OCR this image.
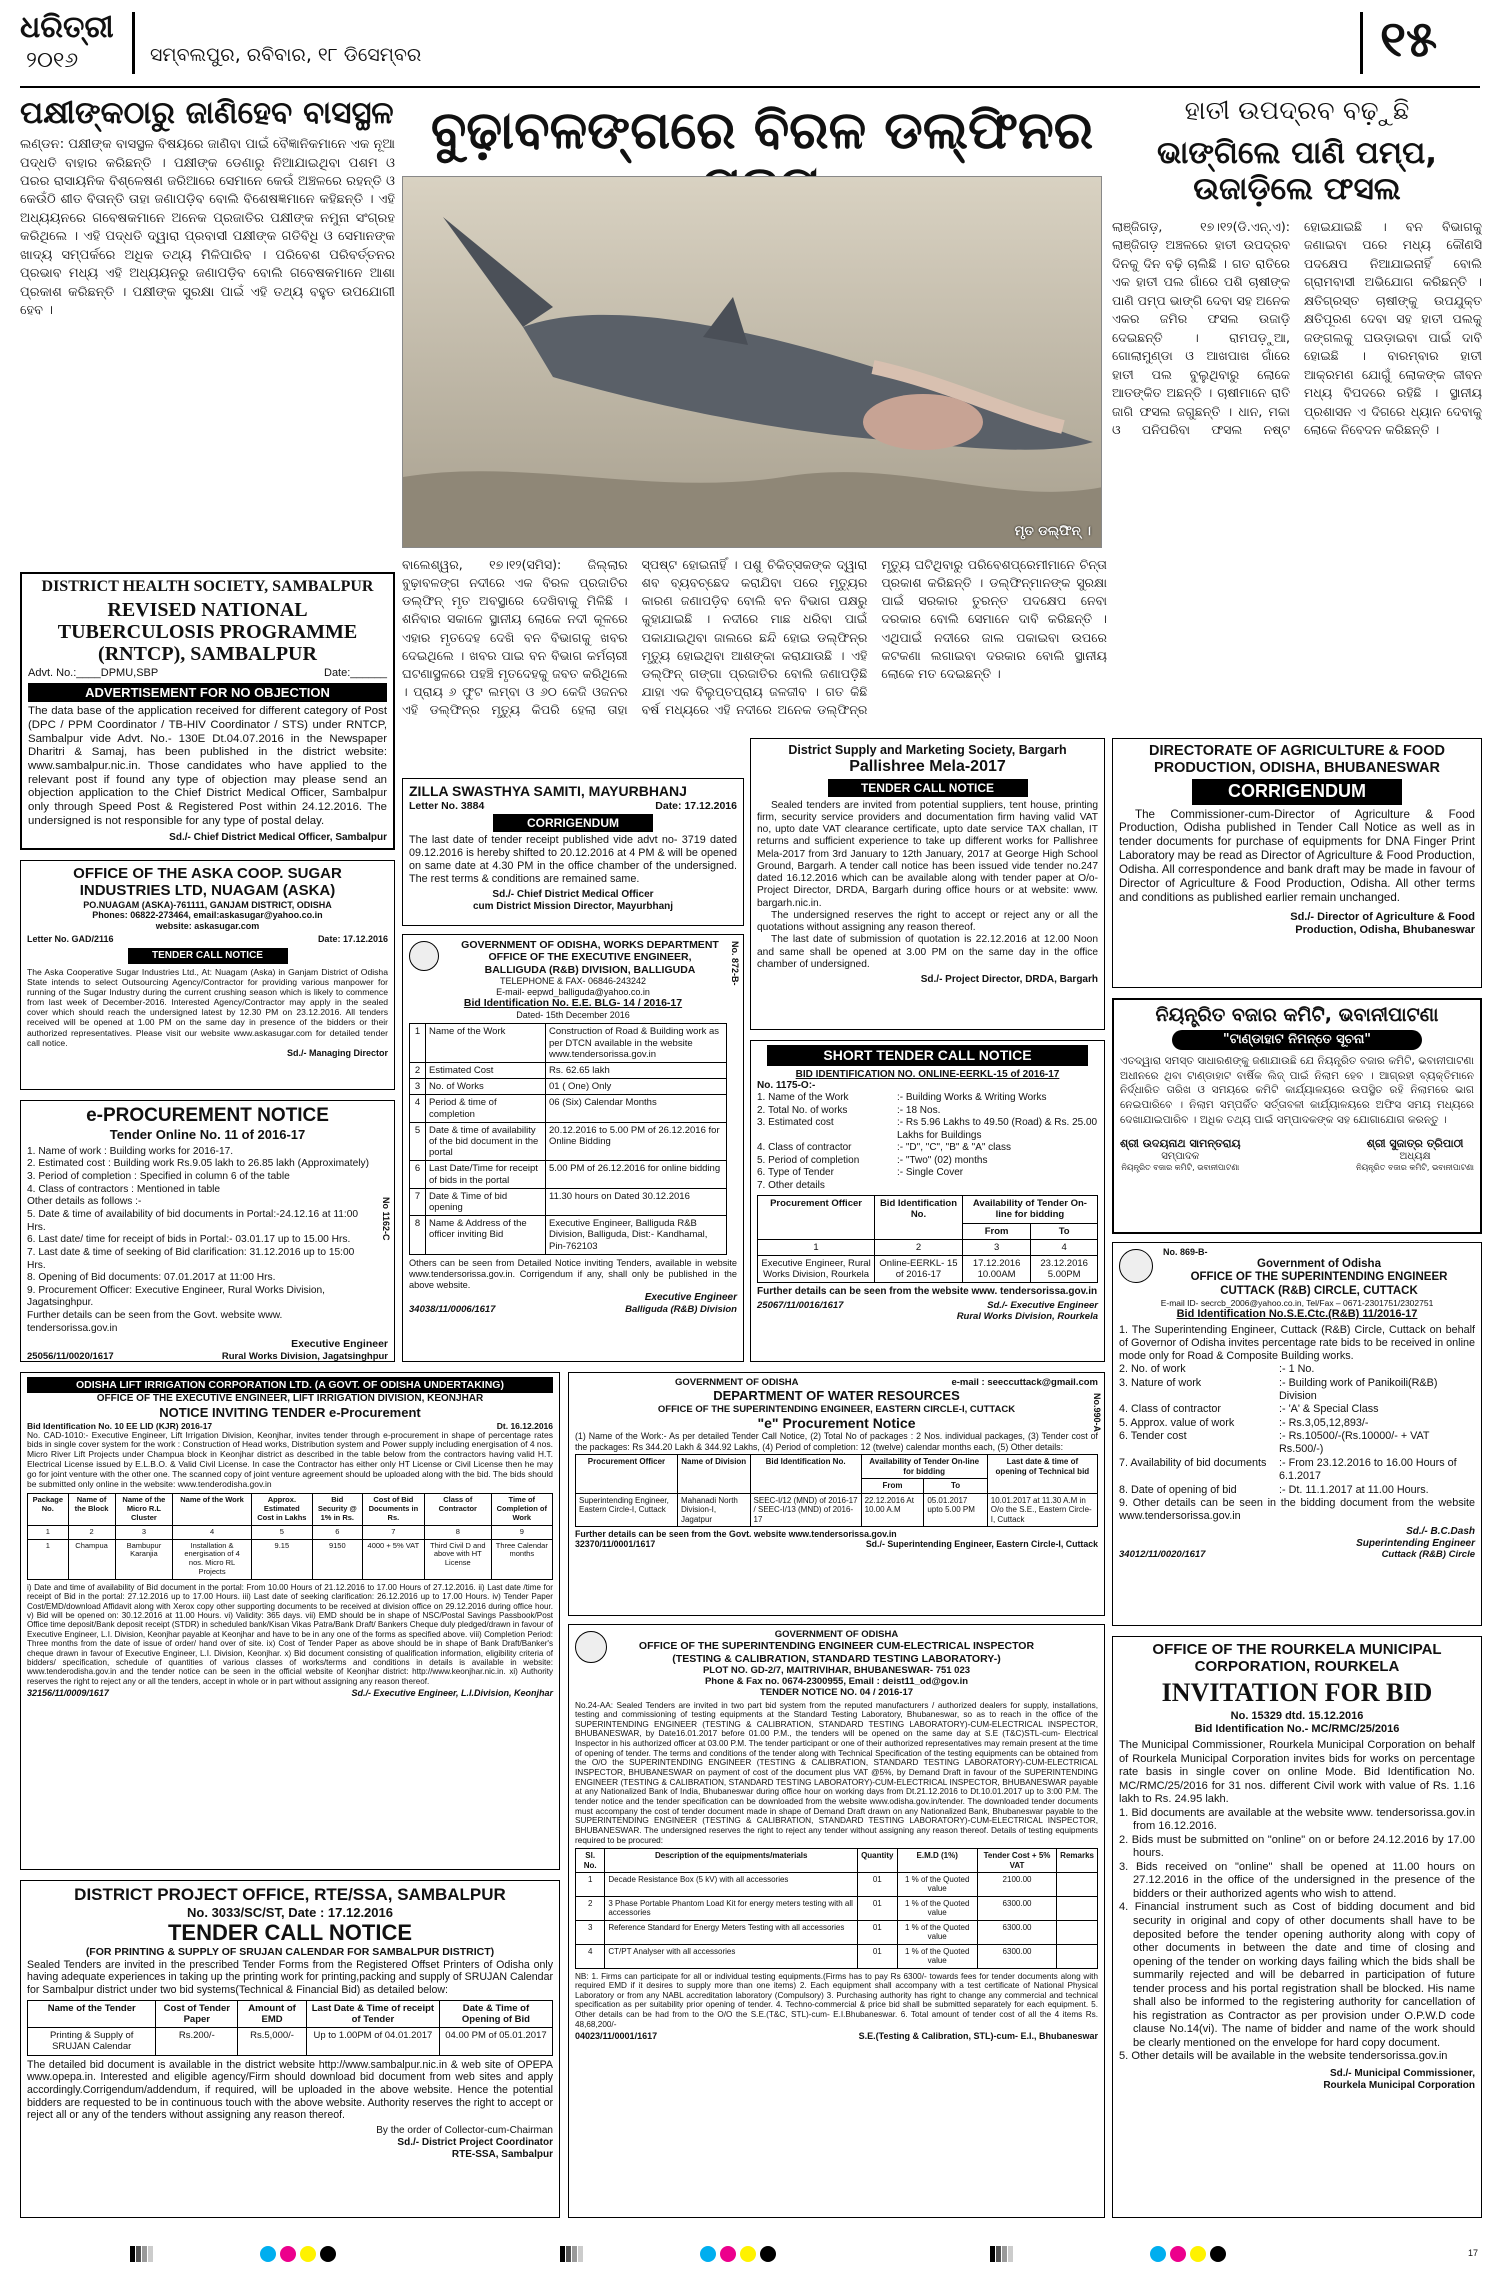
ଧରିତ୍ରୀ
୨୦୧୬	ସମ୍ବଲପୁର, ରବିବାର, ୧୮ ଡିସେମ୍ବର	୧୫
ପକ୍ଷୀଙ୍କଠାରୁ ଜାଣିହେବ ବାସସ୍ଥଳ
ଲଣ୍ଡନ: ପକ୍ଷୀଙ୍କ ବାସସ୍ଥଳ ବିଷୟରେ ଜାଣିବା ପାଇଁ ବୈଜ୍ଞାନିକମାନେ ଏକ ନୂଆ ପଦ୍ଧତି ବାହାର କରିଛନ୍ତି । ପକ୍ଷୀଙ୍କ ଡେଣାରୁ ନିଆଯାଇଥିବା ପଶମ ଓ ପରର ରାସାୟନିକ ବିଶ୍ଳେଷଣ ଜରିଆରେ ସେମାନେ କେଉଁ ଅଞ୍ଚଳରେ ରହନ୍ତି ଓ କେଉଁଠି ଶୀତ ବିତାନ୍ତି ତାହା ଜଣାପଡ଼ିବ ବୋଲି ବିଶେଷଜ୍ଞମାନେ କହିଛନ୍ତି । ଏହି ଅଧ୍ୟୟନରେ ଗବେଷକମାନେ ଅନେକ ପ୍ରଜାତିର ପକ୍ଷୀଙ୍କ ନମୁନା ସଂଗ୍ରହ କରିଥିଲେ । ଏହି ପଦ୍ଧତି ଦ୍ୱାରା ପ୍ରବାସୀ ପକ୍ଷୀଙ୍କ ଗତିବିଧି ଓ ସେମାନଙ୍କ ଖାଦ୍ୟ ସମ୍ପର୍କରେ ଅଧିକ ତଥ୍ୟ ମିଳିପାରିବ । ପରିବେଶ ପରିବର୍ତ୍ତନର ପ୍ରଭାବ ମଧ୍ୟ ଏହି ଅଧ୍ୟୟନରୁ ଜଣାପଡ଼ିବ ବୋଲି ଗବେଷକମାନେ ଆଶା ପ୍ରକାଶ କରିଛନ୍ତି । ପକ୍ଷୀଙ୍କ ସୁରକ୍ଷା ପାଇଁ ଏହି ତଥ୍ୟ ବହୁତ ଉପଯୋଗୀ ହେବ ।
ବୁଢ଼ାବଳଙ୍ଗରେ ବିରଳ ଡଲ୍‌ଫିନର
ମୃତ ଡଲ୍‌ଫିନ୍ ।
ବାଲେଶ୍ୱର, ୧୭।୧୨(ସମିସ): ଜିଲ୍ଲାର ବୁଢ଼ାବଳଙ୍ଗ ନଦୀରେ ଏକ ବିରଳ ପ୍ରଜାତିର ଡଲ୍‌ଫିନ୍ ମୃତ ଅବସ୍ଥାରେ ଦେଖିବାକୁ ମିଳିଛି । ଶନିବାର ସକାଳେ ସ୍ଥାନୀୟ ଲୋକେ ନଦୀ କୂଳରେ ଏହାର ମୃତଦେହ ଦେଖି ବନ ବିଭାଗକୁ ଖବର ଦେଇଥିଲେ । ଖବର ପାଇ ବନ ବିଭାଗ କର୍ମଚାରୀ ଘଟଣାସ୍ଥଳରେ ପହଞ୍ଚି ମୃତଦେହକୁ ଜବତ କରିଥିଲେ । ପ୍ରାୟ ୬ ଫୁଟ ଲମ୍ବା ଓ ୬୦ କେଜି ଓଜନର ଏହି ଡଲ୍‌ଫିନ୍‌ର ମୃତ୍ୟୁ କିପରି ହେଲା ତାହା ସ୍ପଷ୍ଟ ହୋଇନାହିଁ । ପଶୁ ଚିକିତ୍ସକଙ୍କ ଦ୍ୱାରା ଶବ ବ୍ୟବଚ୍ଛେଦ କରାଯିବା ପରେ ମୃତ୍ୟୁର କାରଣ ଜଣାପଡ଼ିବ ବୋଲି ବନ ବିଭାଗ ପକ୍ଷରୁ କୁହାଯାଇଛି । ନଦୀରେ ମାଛ ଧରିବା ପାଇଁ ପକାଯାଇଥିବା ଜାଲରେ ଛନ୍ଦି ହୋଇ ଡଲ୍‌ଫିନ୍‌ର ମୃତ୍ୟୁ ହୋଇଥିବା ଆଶଙ୍କା କରାଯାଉଛି । ଏହି ଡଲ୍‌ଫିନ୍ ଗଙ୍ଗା ପ୍ରଜାତିର ବୋଲି ଜଣାପଡ଼ିଛି ଯାହା ଏକ ବିଲୁପ୍ତପ୍ରାୟ ଜଳଜୀବ । ଗତ କିଛି ବର୍ଷ ମଧ୍ୟରେ ଏହି ନଦୀରେ ଅନେକ ଡଲ୍‌ଫିନ୍‌ର ମୃତ୍ୟୁ ଘଟିଥିବାରୁ ପରିବେଶପ୍ରେମୀମାନେ ଚିନ୍ତା ପ୍ରକାଶ କରିଛନ୍ତି । ଡଲ୍‌ଫିନ୍‌ମାନଙ୍କ ସୁରକ୍ଷା ପାଇଁ ସରକାର ତୁରନ୍ତ ପଦକ୍ଷେପ ନେବା ଦରକାର ବୋଲି ସେମାନେ ଦାବି କରିଛନ୍ତି । ଏଥିପାଇଁ ନଦୀରେ ଜାଲ ପକାଇବା ଉପରେ କଟକଣା ଲଗାଇବା ଦରକାର ବୋଲି ସ୍ଥାନୀୟ ଲୋକେ ମତ ଦେଇଛନ୍ତି ।
ହାତୀ ଉପଦ୍ରବ ବଢ଼ୁଛି
ଭାଙ୍ଗିଲେ ପାଣି ପମ୍ପ, ଉଜାଡ଼ିଲେ ଫସଲ
ଲାଞ୍ଜିଗଡ଼, ୧୭।୧୨(ଡି.ଏନ୍.ଏ): ଲାଞ୍ଜିଗଡ଼ ଅଞ୍ଚଳରେ ହାତୀ ଉପଦ୍ରବ ଦିନକୁ ଦିନ ବଢ଼ି ଚାଲିଛି । ଗତ ରାତିରେ ଏକ ହାତୀ ପଲ ଗାଁରେ ପଶି ଚାଷୀଙ୍କ ପାଣି ପମ୍ପ ଭାଙ୍ଗି ଦେବା ସହ ଅନେକ ଏକର ଜମିର ଫସଲ ଉଜାଡ଼ି ଦେଇଛନ୍ତି । ରାମପଡ଼ୁଆ, ଗୋଲାମୁଣ୍ଡା ଓ ଆଖପାଖ ଗାଁରେ ହାତୀ ପଲ ବୁଲୁଥିବାରୁ ଲୋକେ ଆତଙ୍କିତ ଅଛନ୍ତି । ଚାଷୀମାନେ ରାତି ଜାଗି ଫସଲ ଜଗୁଛନ୍ତି । ଧାନ, ମକା ଓ ପନିପରିବା ଫସଲ ନଷ୍ଟ ହୋଇଯାଇଛି । ବନ ବିଭାଗକୁ ଜଣାଇବା ପରେ ମଧ୍ୟ କୌଣସି ପଦକ୍ଷେପ ନିଆଯାଇନାହିଁ ବୋଲି ଗ୍ରାମବାସୀ ଅଭିଯୋଗ କରିଛନ୍ତି । କ୍ଷତିଗ୍ରସ୍ତ ଚାଷୀଙ୍କୁ ଉପଯୁକ୍ତ କ୍ଷତିପୂରଣ ଦେବା ସହ ହାତୀ ପଲକୁ ଜଙ୍ଗଲକୁ ଘଉଡ଼ାଇବା ପାଇଁ ଦାବି ହୋଇଛି । ବାରମ୍ବାର ହାତୀ ଆକ୍ରମଣ ଯୋଗୁଁ ଲୋକଙ୍କ ଜୀବନ ମଧ୍ୟ ବିପଦରେ ରହିଛି । ସ୍ଥାନୀୟ ପ୍ରଶାସନ ଏ ଦିଗରେ ଧ୍ୟାନ ଦେବାକୁ ଲୋକେ ନିବେଦନ କରିଛନ୍ତି ।
DISTRICT HEALTH SOCIETY, SAMBALPUR
REVISED NATIONAL TUBERCULOSIS PROGRAMME (RNTCP), SAMBALPUR
Advt. No.:____DPMU,SBP	Date:______
ADVERTISEMENT FOR NO OBJECTION
The data base of the application received for different category of Post (DPC / PPM Coordinator / TB-HIV Coordinator / STS) under RNTCP, Sambalpur vide Advt. No.- 130E Dt.04.07.2016 in the Newspaper Dharitri & Samaj, has been published in the district website: www.sambalpur.nic.in. Those candidates who have applied to the relevant post if found any type of objection may please send an objection application to the Chief District Medical Officer, Sambalpur only through Speed Post & Registered Post within 24.12.2016. The undersigned is not responsible for any type of postal delay.
Sd./- Chief District Medical Officer, Sambalpur
OFFICE OF THE ASKA COOP. SUGAR INDUSTRIES LTD, NUAGAM (ASKA)
PO.NUAGAM (ASKA)-761111, GANJAM DISTRICT, ODISHA
Phones: 06822-273464, email:askasugar@yahoo.co.in
website: askasugar.com
Letter No. GAD/2116	Date: 17.12.2016
TENDER CALL NOTICE
The Aska Cooperative Sugar Industries Ltd., At: Nuagam (Aska) in Ganjam District of Odisha State intends to select Outsourcing Agency/Contractor for providing various manpower for running of the Sugar Industry during the current crushing season which is likely to commence from last week of December-2016. Interested Agency/Contractor may apply in the sealed cover which should reach the undersigned latest by 12.30 PM on 23.12.2016. All tenders received will be opened at 1.00 PM on the same day in presence of the bidders or their authorized representatives. Please visit our website www.askasugar.com for detailed tender call notice.
Sd./- Managing Director
e-PROCUREMENT NOTICE
Tender Online No. 11 of 2016-17
1. Name of work : Building works for 2016-17.
2. Estimated cost : Building work Rs.9.05 lakh to 26.85 lakh (Approximately)
3. Period of completion : Specified in column 6 of the table
4. Class of contractors : Mentioned in table
Other details as follows :-
5. Date & time of availability of bid documents in Portal:-24.12.16 at 11:00 Hrs.
6. Last date/ time for receipt of bids in Portal:- 03.01.17 up to 15.00 Hrs.
7. Last date & time of seeking of Bid clarification: 31.12.2016 up to 15:00 Hrs.
8. Opening of Bid documents: 07.01.2017 at 11:00 Hrs.
9. Procurement Officer: Executive Engineer, Rural Works Division, Jagatsinghpur.
Further details can be seen from the Govt. website www. tendersorissa.gov.in
Executive Engineer
25056/11/0020/1617	Rural Works Division, Jagatsinghpur
No 1162-C
ZILLA SWASTHYA SAMITI, MAYURBHANJ
Letter No. 3884	Date: 17.12.2016
CORRIGENDUM
The last date of tender receipt published vide advt no- 3719 dated 09.12.2016 is hereby shifted to 20.12.2016 at 4 PM & will be opened on same date at 4.30 PM in the office chamber of the undersigned. The rest terms & conditions are remained same.
Sd./- Chief District Medical Officer
cum District Mission Director, Mayurbhanj
GOVERNMENT OF ODISHA, WORKS DEPARTMENT
OFFICE OF THE EXECUTIVE ENGINEER,
BALLIGUDA (R&B) DIVISION, BALLIGUDA
TELEPHONE & FAX- 06846-243242
E-mail- eepwd_balliguda@yahoo.co.in
Bid Identification No. E.E. BLG- 14 / 2016-17
Dated- 15th December 2016
1	Name of the Work	Construction of Road & Building work as per DTCN available in the website www.tendersorissa.gov.in
2	Estimated Cost	Rs. 62.65 lakh
3	No. of Works	01 ( One) Only
4	Period & time of completion	06 (Six) Calendar Months
5	Date & time of availability of the bid document in the portal	20.12.2016 to 5.00 PM of 26.12.2016 for Online Bidding
6	Last Date/Time for receipt of bids in the portal	5.00 PM of 26.12.2016 for online bidding
7	Date & Time of bid opening	11.30 hours on Dated 30.12.2016
8	Name & Address of the officer inviting Bid	Executive Engineer, Balliguda R&B Division, Balliguda, Dist:- Kandhamal, Pin-762103
Others can be seen from Detailed Notice inviting Tenders, available in website www.tendersorissa.gov.in. Corrigendum if any, shall only be published in the above website.
Executive Engineer
34038/11/0006/1617	Balliguda (R&B) Division
No. 872-B-
District Supply and Marketing Society, Bargarh
Pallishree Mela-2017
TENDER CALL NOTICE
Sealed tenders are invited from potential suppliers, tent house, printing firm, security service providers and documentation firm having valid VAT no, upto date VAT clearance certificate, upto date service TAX challan, IT returns and sufficient experience to take up different works for Pallishree Mela-2017 from 3rd January to 12th January, 2017 at George High School Ground, Bargarh. A tender call notice has been issued vide tender no.247 dated 16.12.2016 which can be available along with tender paper at O/o-Project Director, DRDA, Bargarh during office hours or at website: www. bargarh.nic.in.
The undersigned reserves the right to accept or reject any or all the quotations without assigning any reason thereof.
The last date of submission of quotation is 22.12.2016 at 12.00 Noon and same shall be opened at 3.00 PM on the same day in the office chamber of undersigned.
Sd./- Project Director, DRDA, Bargarh
SHORT TENDER CALL NOTICE
BID IDENTIFICATION NO. ONLINE-EERKL-15 of 2016-17
No. 1175-O:-
1. Name of the Work	:- Building Works & Writing Works
2. Total No. of works	:- 18 Nos.
3. Estimated cost	:- Rs 5.96 Lakhs to 49.50 (Road) & Rs. 25.00 Lakhs for Buildings
4. Class of contractor	:- "D", "C", "B" & "A" class
5. Period of completion	:- "Two" (02) months
6. Type of Tender	:- Single Cover
7. Other details
Procurement Officer	Bid Identification No.	Availability of Tender On-line for bidding	
		From	To
1	2	3	4
Executive Engineer, Rural Works Division, Rourkela	Online-EERKL- 15 of 2016-17	17.12.2016 10.00AM	23.12.2016 5.00PM
Further details can be seen from the website www. tendersorissa.gov.in
25067/11/0016/1617	Sd./- Executive Engineer
Rural Works Division, Rourkela
DIRECTORATE OF AGRICULTURE & FOOD PRODUCTION, ODISHA, BHUBANESWAR
CORRIGENDUM
The Commissioner-cum-Director of Agriculture & Food Production, Odisha published in Tender Call Notice as well as in tender documents for purchase of equipments for DNA Finger Print Laboratory may be read as Director of Agriculture & Food Production, Odisha. All correspondence and bank draft may be made in favour of Director of Agriculture & Food Production, Odisha. All other terms and conditions as published earlier remain unchanged.
Sd./- Director of Agriculture & Food
Production, Odisha, Bhubaneswar
ନିୟନ୍ତ୍ରିତ ବଜାର କମିଟି, ଭବାନୀପାଟଣା
"ଟାଣ୍ଡାହାଟ ନିମନ୍ତେ ସୂଚନା"
ଏତଦ୍ୱାରା ସମସ୍ତ ସାଧାରଣଙ୍କୁ ଜଣାଯାଉଛି ଯେ ନିୟନ୍ତ୍ରିତ ବଜାର କମିଟି, ଭବାନୀପାଟଣା ଅଧୀନରେ ଥିବା ଟାଣ୍ଡାହାଟ ବାର୍ଷିକ ଲିଜ୍ ପାଇଁ ନିଲାମ ହେବ । ଆଗ୍ରହୀ ବ୍ୟକ୍ତିମାନେ ନିର୍ଦ୍ଧାରିତ ତାରିଖ ଓ ସମୟରେ କମିଟି କାର୍ଯ୍ୟାଳୟରେ ଉପସ୍ଥିତ ରହି ନିଲାମରେ ଭାଗ ନେଇପାରିବେ । ନିଲାମ ସମ୍ପର୍କିତ ସର୍ତ୍ତାବଳୀ କାର୍ଯ୍ୟାଳୟରେ ଅଫିସ ସମୟ ମଧ୍ୟରେ ଦେଖାଯାଇପାରିବ । ଅଧିକ ତଥ୍ୟ ପାଇଁ ସମ୍ପାଦକଙ୍କ ସହ ଯୋଗାଯୋଗ କରନ୍ତୁ ।
ଶ୍ରୀ ଉଦୟନାଥ ସାମନ୍ତରାୟ
ସମ୍ପାଦକ
ନିୟନ୍ତ୍ରିତ ବଜାର କମିଟି, ଭବାନୀପାଟଣା
ଶ୍ରୀ ସୁଜାତ୍ର ତ୍ରିପାଠୀ
ଅଧ୍ୟକ୍ଷ
ନିୟନ୍ତ୍ରିତ ବଜାର କମିଟି, ଭବାନୀପାଟଣା
No. 869-B-
Government of Odisha
OFFICE OF THE SUPERINTENDING ENGINEER CUTTACK (R&B) CIRCLE, CUTTACK
E-mail ID- secrcb_2006@yahoo.co.in, Tel/Fax – 0671-2301751/2302751
Bid Identification No.S.E.Ctc.(R&B) 11/2016-17
1. The Superintending Engineer, Cuttack (R&B) Circle, Cuttack on behalf of Governor of Odisha invites percentage rate bids to be received in online mode only for Road & Composite Building works.
2. No. of work	:- 1 No.
3. Nature of work	:- Building work of Panikoili(R&B) Division
4. Class of contractor	:- 'A' & Special Class
5. Approx. value of work	:- Rs.3,05,12,893/-
6. Tender cost	:- Rs.10500/-(Rs.10000/- + VAT Rs.500/-)
7. Availability of bid documents	:- From 23.12.2016 to 16.00 Hours of 6.1.2017
8. Date of opening of bid	:- Dt. 11.1.2017 at 11.00 Hours.
9. Other details can be seen in the bidding document from the website www.tendersorissa.gov.in
Sd./- B.C.Dash
Superintending Engineer
34012/11/0020/1617	Cuttack (R&B) Circle
OFFICE OF THE ROURKELA MUNICIPAL CORPORATION, ROURKELA
INVITATION FOR BID
No. 15329 dtd. 15.12.2016
Bid Identification No.- MC/RMC/25/2016
The Municipal Commissioner, Rourkela Municipal Corporation on behalf of Rourkela Municipal Corporation invites bids for works on percentage rate basis in single cover on online Mode. Bid Identification No. MC/RMC/25/2016 for 31 nos. different Civil work with value of Rs. 1.16 lakh to Rs. 24.95 lakh.
1. Bid documents are available at the website www. tendersorissa.gov.in from 16.12.2016.
2. Bids must be submitted on "online" on or before 24.12.2016 by 17.00 hours.
3. Bids received on "online" shall be opened at 11.00 hours on 27.12.2016 in the office of the undersigned in the presence of the bidders or their authorized agents who wish to attend.
4. Financial instrument such as Cost of bidding document and bid security in original and copy of other documents shall have to be deposited before the tender opening authority along with copy of other documents in between the date and time of closing and opening of the tender on working days failing which the bids shall be summarily rejected and will be debarred in participation of future tender process and his portal registration shall be blocked. His name shall also be informed to the registering authority for cancellation of his registration as Contractor as per provision under O.P.W.D code clause No.14(vi). The name of bidder and name of the work should be clearly mentioned on the envelope for hard copy document.
5. Other details will be available in the website tendersorissa.gov.in
Sd./- Municipal Commissioner,
Rourkela Municipal Corporation
ODISHA LIFT IRRIGATION CORPORATION LTD. (A GOVT. OF ODISHA UNDERTAKING)
OFFICE OF THE EXECUTIVE ENGINEER, LIFT IRRIGATION DIVISION, KEONJHAR
NOTICE INVITING TENDER e-Procurement
Bid Identification No. 10 EE LID (KJR) 2016-17	Dt. 16.12.2016
No. CAD-1010:- Executive Engineer, Lift Irrigation Division, Keonjhar, invites tender through e-procurement in shape of percentage rates bids in single cover system for the work : Construction of Head works, Distribution system and Power supply including energisation of 4 nos. Micro River Lift Projects under Champua block in Keonjhar district as described in the table below from the contractors having valid H.T. Electrical License issued by E.L.B.O. & Valid Civil License. In case the Contractor has either only HT License or Civil License then he may go for joint venture with the other one. The scanned copy of joint venture agreement should be uploaded along with the bid. The bids should be submitted only online in the website: www.tenderodisha.gov.in
Package No.	Name of the Block	Name of the Micro R.L Cluster	Name of the Work	Approx. Estimated Cost in Lakhs	Bid Security @ 1% in Rs.	Cost of Bid Documents in Rs.	Class of Contractor	Time of Completion of Work
1	2	3	4	5	6	7	8	9
1	Champua	Bambupur Karanjia	Installation & energisation of 4 nos. Micro RL Projects	9.15	9150	4000 + 5% VAT	Third Civil D and above with HT License	Three Calendar months
i) Date and time of availability of Bid document in the portal: From 10.00 Hours of 21.12.2016 to 17.00 Hours of 27.12.2016. ii) Last date /time for receipt of Bid in the portal: 27.12.2016 up to 17.00 Hours. iii) Last date of seeking clarification: 26.12.2016 up to 17.00 Hours. iv) Tender Paper Cost/EMD/download Affidavit along with Xerox copy other supporting documents to be received at division office on 29.12.2016 during office hour. v) Bid will be opened on: 30.12.2016 at 11.00 Hours. vi) Validity: 365 days. vii) EMD should be in shape of NSC/Postal Savings Passbook/Post Office time deposit/Bank deposit receipt (STDR) in scheduled bank/Kisan Vikas Patra/Bank Draft/ Bankers Cheque duly pledged/drawn in favour of Executive Engineer, L.I. Division, Keonjhar payable at Keonjhar and have to be in any one of the forms as specified above. viii) Completion Period: Three months from the date of issue of order/ hand over of site. ix) Cost of Tender Paper as above should be in shape of Bank Draft/Banker's cheque drawn in favour of Executive Engineer, L.I. Division, Keonjhar. x) Bid document consisting of qualification information, eligibility criteria of bidders/ specification, schedule of quantities of various classes of works/terms and conditions in details is available in website: www.tenderodisha.gov.in and the tender notice can be seen in the official website of Keonjhar district: http://www.keonjhar.nic.in. xi) Authority reserves the right to reject any or all the tenders, accept in whole or in part without assigning any reason thereof.
32156/11/0009/1617	Sd./- Executive Engineer, L.I.Division, Keonjhar
DISTRICT PROJECT OFFICE, RTE/SSA, SAMBALPUR
No. 3033/SC/ST, Date : 17.12.2016
TENDER CALL NOTICE
(FOR PRINTING & SUPPLY OF SRUJAN CALENDAR FOR SAMBALPUR DISTRICT)
Sealed Tenders are invited in the prescribed Tender Forms from the Registered Offset Printers of Odisha only having adequate experiences in taking up the printing work for printing,packing and supply of SRUJAN Calendar for Sambalpur district under two bid systems(Technical & Financial Bid) as detailed below:
Name of the Tender	Cost of Tender Paper	Amount of EMD	Last Date & Time of receipt of Tender	Date & Time of Opening of Bid
Printing & Supply of SRUJAN Calendar	Rs.200/-	Rs.5,000/-	Up to 1.00PM of 04.01.2017	04.00 PM of 05.01.2017
The detailed bid document is available in the district website http://www.sambalpur.nic.in & web site of OPEPA www.opepa.in. Interested and eligible agency/Firm should download bid document from web sites and apply accordingly.Corrigendum/addendum, if required, will be uploaded in the above website. Hence the potential bidders are requested to be in continuous touch with the above website. Authority reserves the right to accept or reject all or any of the tenders without assigning any reason thereof.
By the order of Collector-cum-Chairman
Sd./- District Project Coordinator
RTE-SSA, Sambalpur
GOVERNMENT OF ODISHA	e-mail : seeccuttack@gmail.com
DEPARTMENT OF WATER RESOURCES
OFFICE OF THE SUPERINTENDING ENGINEER, EASTERN CIRCLE-I, CUTTACK
"e" Procurement Notice
(1) Name of the Work:- As per detailed Tender Call Notice, (2) Total No of packages : 2 Nos. individual packages, (3) Tender cost of the packages: Rs 344.20 Lakh & 344.92 Lakhs, (4) Period of completion: 12 (twelve) calendar months each, (5) Other details:
Procurement Officer	Name of Division	Bid Identification No.	Availability of Tender On-line for bidding		Last date & time of opening of Technical bid
			From	To	
Superintending Engineer, Eastern Circle-I, Cuttack	Mahanadi North Division-I, Jagatpur	SEEC-I/12 (MND) of 2016-17 / SEEC-I/13 (MND) of 2016-17	22.12.2016 At 10.00 A.M	05.01.2017 upto 5.00 PM	10.01.2017 at 11.30 A.M in O/o the S.E., Eastern Circle-I, Cuttack
Further details can be seen from the Govt. website www.tendersorissa.gov.in
32370/11/0001/1617	Sd./- Superintending Engineer, Eastern Circle-I, Cuttack
No.990-A
GOVERNMENT OF ODISHA
OFFICE OF THE SUPERINTENDING ENGINEER CUM-ELECTRICAL INSPECTOR
(TESTING & CALIBRATION, STANDARD TESTING LABORATORY-)
PLOT NO. GD-2/7, MAITRIVIHAR, BHUBANESWAR- 751 023
Phone & Fax no. 0674-2300955, Email : deist11_od@gov.in
TENDER NOTICE NO. 04 / 2016-17
No.24-AA: Sealed Tenders are invited in two part bid system from the reputed manufacturers / authorized dealers for supply, installations, testing and commissioning of testing equipments at the Standard Testing Laboratory, Bhubaneswar, so as to reach in the office of the SUPERINTENDING ENGINEER (TESTING & CALIBRATION, STANDARD TESTING LABORATORY)-CUM-ELECTRICAL INSPECTOR, BHUBANESWAR, by Date16.01.2017 before 01.00 P.M., the tenders will be opened on the same day at S.E (T&C)STL-cum- Electrical Inspector in his authorized officer at 03.00 P.M. The tender participant or one of their authorized representatives may remain present at the time of opening of tender. The terms and conditions of the tender along with Technical Specification of the testing equipments can be obtained from the O/O the SUPERINTENDING ENGINEER (TESTING & CALIBRATION, STANDARD TESTING LABORATORY)-CUM-ELECTRICAL INSPECTOR, BHUBANESWAR on payment of cost of the document plus VAT @5%, by Demand Draft in favour of the SUPERINTENDING ENGINEER (TESTING & CALIBRATION, STANDARD TESTING LABORATORY)-CUM-ELECTRICAL INSPECTOR, BHUBANESWAR payable at any Nationalized Bank of India, Bhubaneswar during office hour on working days from Dt.21.12.2016 to Dt.10.01.2017 up to 3:00 P.M. The tender notice and the tender specification can be downloaded from the website www.odisha.gov.in/tender. The downloaded tender documents must accompany the cost of tender document made in shape of Demand Draft drawn on any Nationalized Bank, Bhubaneswar payable to the SUPERINTENDING ENGINEER (TESTING & CALIBRATION, STANDARD TESTING LABORATORY)-CUM-ELECTRICAL INSPECTOR, BHUBANESWAR. The undersigned reserves the right to reject any tender without assigning any reason thereof. Details of testing equipments required to be procured:
Sl. No.	Description of the equipments/materials	Quantity	E.M.D (1%)	Tender Cost + 5% VAT	Remarks
1	Decade Resistance Box (5 kV) with all accessories	01	1 % of the Quoted value	2100.00	
2	3 Phase Portable Phantom Load Kit for energy meters testing with all accessories	01	1 % of the Quoted value	6300.00	
3	Reference Standard for Energy Meters Testing with all accessories	01	1 % of the Quoted value	6300.00	
4	CT/PT Analyser with all accessories	01	1 % of the Quoted value	6300.00	
NB: 1. Firms can participate for all or individual testing equipments.(Firms has to pay Rs 6300/- towards fees for tender documents along with required EMD if it desires to supply more than one items) 2. Each equipment shall accompany with a test certificate of National Physical Laboratory or from any NABL accreditation laboratory (Compulsory) 3. Purchasing authority has right to change any commercial and technical specification as per suitability prior opening of tender. 4. Techno-commercial & price bid shall be submitted separately for each equipment. 5. Other details can be had from to the O/O the S.E.(T&C, STL)-cum- E.I.Bhubaneswar. 6. Total amount of tender cost of all the 4 items Rs. 48,68,200/-
04023/11/0001/1617	S.E.(Testing & Calibration, STL)-cum- E.I., Bhubaneswar
17
